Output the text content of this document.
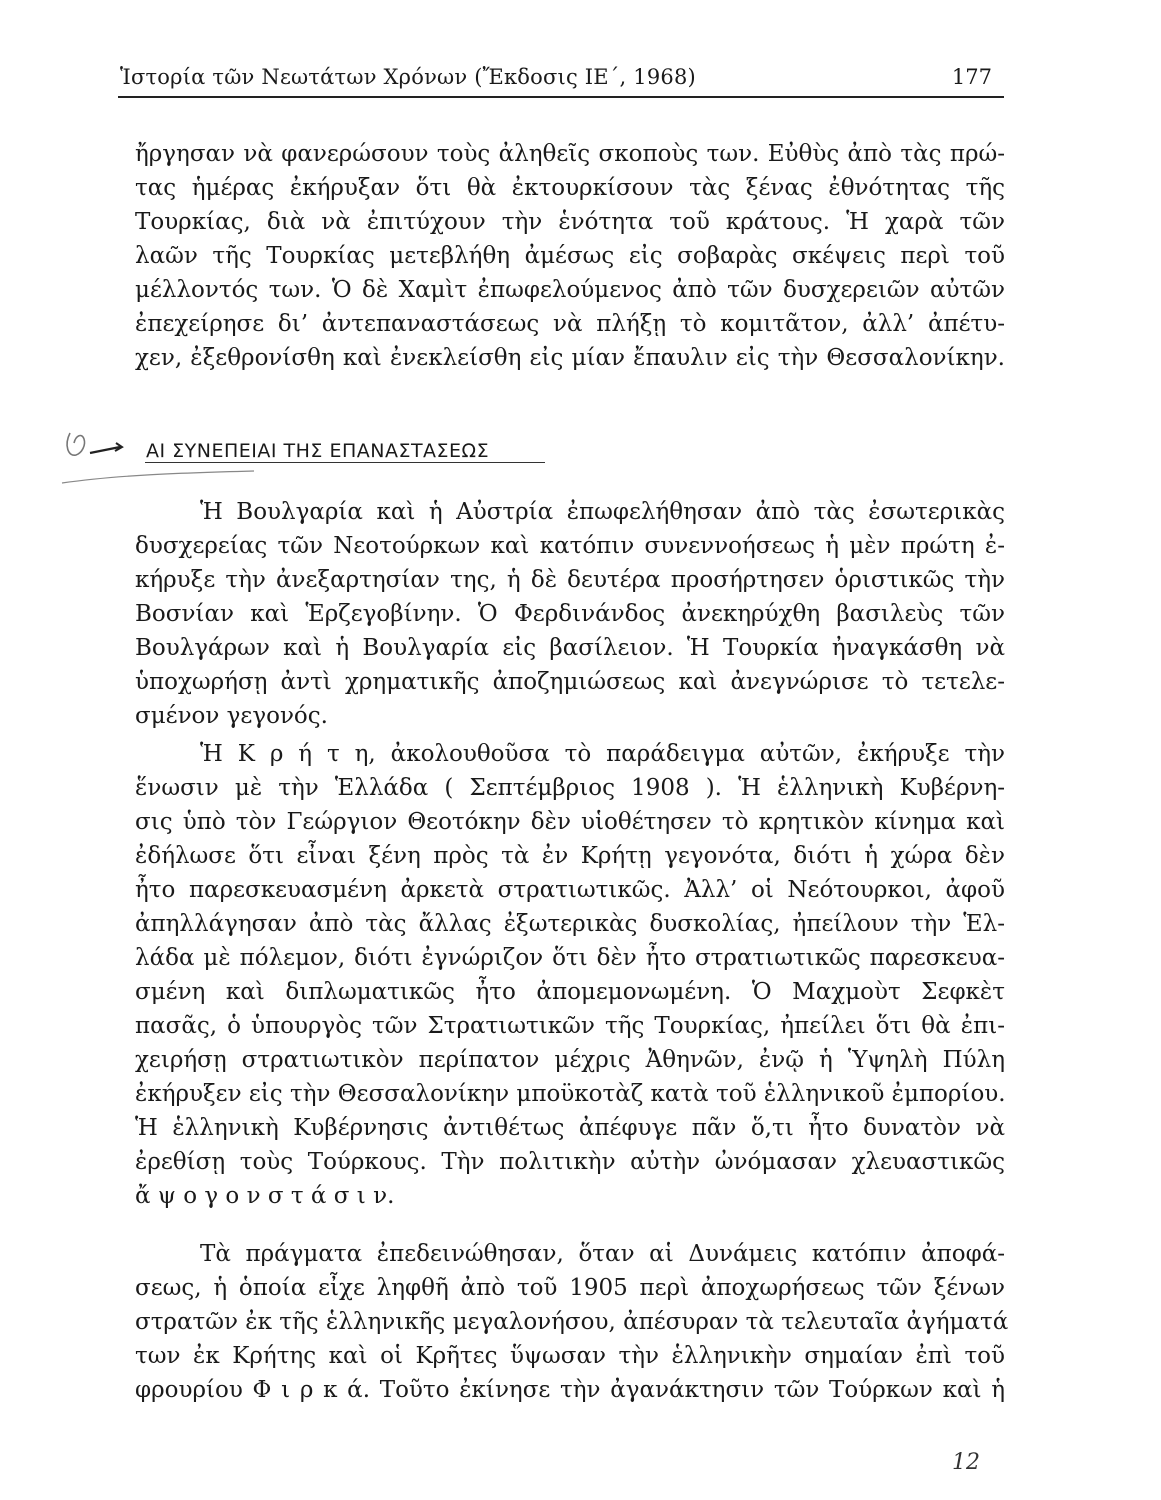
Ἱστορία τῶν Νεωτάτων Χρόνων (Ἔκδοσις ΙΕ΄, 1968)	177
ἤργησαν νὰ φανερώσουν τοὺς ἀληθεῖς σκοποὺς των. Εὐθὺς ἀπὸ τὰς πρώ-
τας ἡμέρας ἐκήρυξαν ὅτι θὰ ἐκτουρκίσουν τὰς ξένας ἐθνότητας τῆς
Τουρκίας, διὰ νὰ ἐπιτύχουν τὴν ἑνότητα τοῦ κράτους. Ἡ χαρὰ τῶν
λαῶν τῆς Τουρκίας μετεβλήθη ἀμέσως εἰς σοβαρὰς σκέψεις περὶ τοῦ
μέλλοντός των. Ὁ δὲ Χαμὶτ ἐπωφελούμενος ἀπὸ τῶν δυσχερειῶν αὐτῶν
ἐπεχείρησε δι’ ἀντεπαναστάσεως νὰ πλήξῃ τὸ κομιτᾶτον, ἀλλ’ ἀπέτυ-
χεν, ἐξεθρονίσθη καὶ ἐνεκλείσθη εἰς μίαν ἔπαυλιν εἰς τὴν Θεσσαλονίκην.
ΑΙ ΣΥΝΕΠΕΙΑΙ ΤΗΣ ΕΠΑΝΑΣΤΑΣΕΩΣ
Ἡ Βουλγαρία καὶ ἡ Αὐστρία ἐπωφελήθησαν ἀπὸ τὰς ἐσωτερικὰς
δυσχερείας τῶν Νεοτούρκων καὶ κατόπιν συνεννοήσεως ἡ μὲν πρώτη ἐ-
κήρυξε τὴν ἀνεξαρτησίαν της, ἡ δὲ δευτέρα προσήρτησεν ὁριστικῶς τὴν
Βοσνίαν καὶ Ἑρζεγοβίνην. Ὁ Φερδινάνδος ἀνεκηρύχθη βασιλεὺς τῶν
Βουλγάρων καὶ ἡ Βουλγαρία εἰς βασίλειον. Ἡ Τουρκία ἠναγκάσθη νὰ
ὑποχωρήσῃ ἀντὶ χρηματικῆς ἀποζημιώσεως καὶ ἀνεγνώρισε τὸ τετελε-
σμένον γεγονός.
Ἡ Κ ρ ή τ η, ἀκολουθοῦσα τὸ παράδειγμα αὐτῶν, ἐκήρυξε τὴν
ἕνωσιν μὲ τὴν Ἑλλάδα ( Σεπτέμβριος 1908 ). Ἡ ἑλληνικὴ Κυβέρνη-
σις ὑπὸ τὸν Γεώργιον Θεοτόκην δὲν υἱοθέτησεν τὸ κρητικὸν κίνημα καὶ
ἐδήλωσε ὅτι εἶναι ξένη πρὸς τὰ ἐν Κρήτῃ γεγονότα, διότι ἡ χώρα δὲν
ἦτο παρεσκευασμένη ἀρκετὰ στρατιωτικῶς. Ἀλλ’ οἱ Νεότουρκοι, ἀφοῦ
ἀπηλλάγησαν ἀπὸ τὰς ἄλλας ἐξωτερικὰς δυσκολίας, ἠπείλουν τὴν Ἑλ-
λάδα μὲ πόλεμον, διότι ἐγνώριζον ὅτι δὲν ἦτο στρατιωτικῶς παρεσκευα-
σμένη καὶ διπλωματικῶς ἦτο ἀπομεμονωμένη. Ὁ Μαχμοὺτ Σεφκὲτ
πασᾶς, ὁ ὑπουργὸς τῶν Στρατιωτικῶν τῆς Τουρκίας, ἠπείλει ὅτι θὰ ἐπι-
χειρήσῃ στρατιωτικὸν περίπατον μέχρις Ἀθηνῶν, ἐνῷ ἡ Ὑψηλὴ Πύλη
ἐκήρυξεν εἰς τὴν Θεσσαλονίκην μποϋκοτὰζ κατὰ τοῦ ἑλληνικοῦ ἐμπορίου.
Ἡ ἑλληνικὴ Κυβέρνησις ἀντιθέτως ἀπέφυγε πᾶν ὅ,τι ἦτο δυνατὸν νὰ
ἐρεθίσῃ τοὺς Τούρκους. Τὴν πολιτικὴν αὐτὴν ὠνόμασαν χλευαστικῶς
ἄ ψ ο γ ο ν σ τ ά σ ι ν.
Τὰ πράγματα ἐπεδεινώθησαν, ὅταν αἱ Δυνάμεις κατόπιν ἀποφά-
σεως, ἡ ὁποία εἶχε ληφθῆ ἀπὸ τοῦ 1905 περὶ ἀποχωρήσεως τῶν ξένων
στρατῶν ἐκ τῆς ἑλληνικῆς μεγαλονήσου, ἀπέσυραν τὰ τελευταῖα ἀγήματά
των ἐκ Κρήτης καὶ οἱ Κρῆτες ὕψωσαν τὴν ἑλληνικὴν σημαίαν ἐπὶ τοῦ
φρουρίου Φ ι ρ κ ά. Τοῦτο ἐκίνησε τὴν ἀγανάκτησιν τῶν Τούρκων καὶ ἡ
12
